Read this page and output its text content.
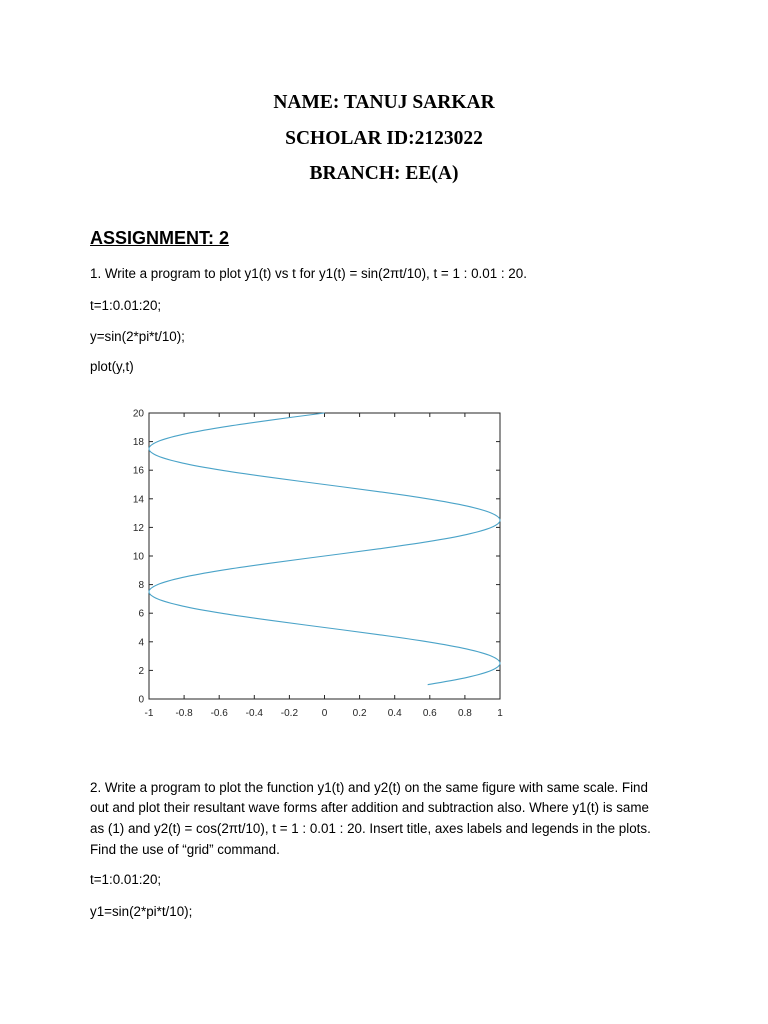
NAME: TANUJ SARKAR
SCHOLAR ID:2123022
BRANCH: EE(A)
ASSIGNMENT: 2
1. Write a program to plot y1(t) vs t for y1(t) = sin(2πt/10), t = 1 : 0.01 : 20.
t=1:0.01:20;
y=sin(2*pi*t/10);
plot(y,t)
-1 -0.8 -0.6 -0.4 -0.2 0	0.2 0.4 0.6 0.8	1
0
2
4
6
8
10
12
14
16
18
20
2. Write a program to plot the function y1(t) and y2(t) on the same figure with same scale. Find
out and plot their resultant wave forms after addition and subtraction also. Where y1(t) is same
as (1) and y2(t) = cos(2πt/10), t = 1 : 0.01 : 20. Insert title, axes labels and legends in the plots.
Find the use of “grid” command.
t=1:0.01:20;
y1=sin(2*pi*t/10);
